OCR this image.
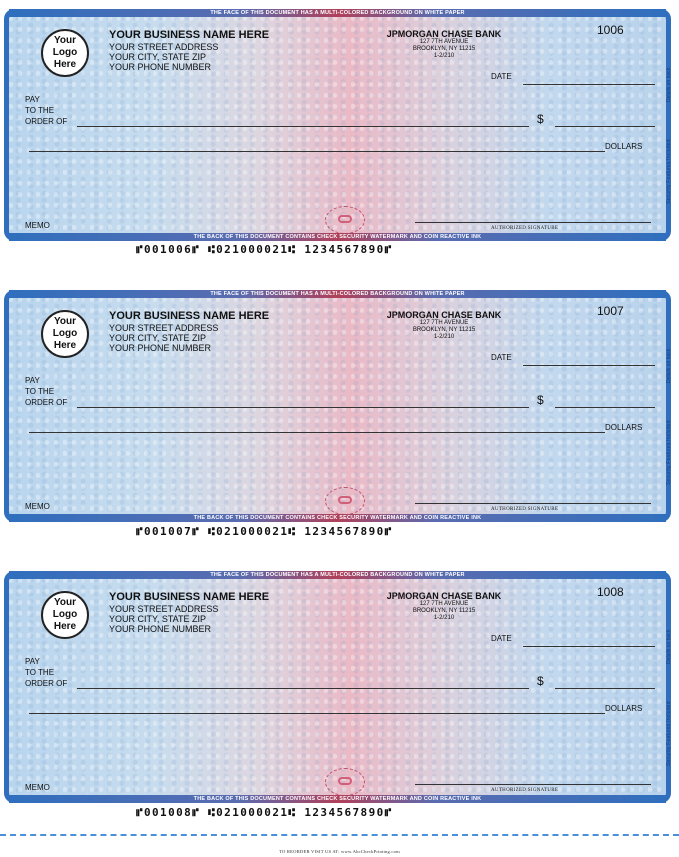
THE FACE OF THIS DOCUMENT HAS A MULTI-COLORED BACKGROUND ON WHITE PAPER
Your
Logo
Here
YOUR BUSINESS NAME HERE
YOUR STREET ADDRESS
YOUR CITY, STATE ZIP
YOUR PHONE NUMBER
JPMORGAN CHASE BANK
127 7TH AVENUE
BROOKLYN, NY 11215
1-2/210
1006
DATE
PAY
TO THE
ORDER OF	$
DOLLARS
MEMO	AUTHORIZED SIGNATURE
Security Features Included
Details on back.
THE BACK OF THIS DOCUMENT CONTAINS CHECK SECURITY WATERMARK AND COIN REACTIVE INK
⑈001006⑈ ⑆021000021⑆ 1234567890⑈
THE FACE OF THIS DOCUMENT HAS A MULTI-COLORED BACKGROUND ON WHITE PAPER
Your
Logo
Here
YOUR BUSINESS NAME HERE
YOUR STREET ADDRESS
YOUR CITY, STATE ZIP
YOUR PHONE NUMBER
JPMORGAN CHASE BANK
127 7TH AVENUE
BROOKLYN, NY 11215
1-2/210
1007
DATE
PAY
TO THE
ORDER OF	$
DOLLARS
MEMO	AUTHORIZED SIGNATURE
Security Features Included
Details on back.
THE BACK OF THIS DOCUMENT CONTAINS CHECK SECURITY WATERMARK AND COIN REACTIVE INK
⑈001007⑈ ⑆021000021⑆ 1234567890⑈
THE FACE OF THIS DOCUMENT HAS A MULTI-COLORED BACKGROUND ON WHITE PAPER
Your
Logo
Here
YOUR BUSINESS NAME HERE
YOUR STREET ADDRESS
YOUR CITY, STATE ZIP
YOUR PHONE NUMBER
JPMORGAN CHASE BANK
127 7TH AVENUE
BROOKLYN, NY 11215
1-2/210
1008
DATE
PAY
TO THE
ORDER OF	$
DOLLARS
MEMO	AUTHORIZED SIGNATURE
Security Features Included
Details on back.
THE BACK OF THIS DOCUMENT CONTAINS CHECK SECURITY WATERMARK AND COIN REACTIVE INK
⑈001008⑈ ⑆021000021⑆ 1234567890⑈
TO REORDER VISIT US AT: www.AbcCheckPrinting.com
